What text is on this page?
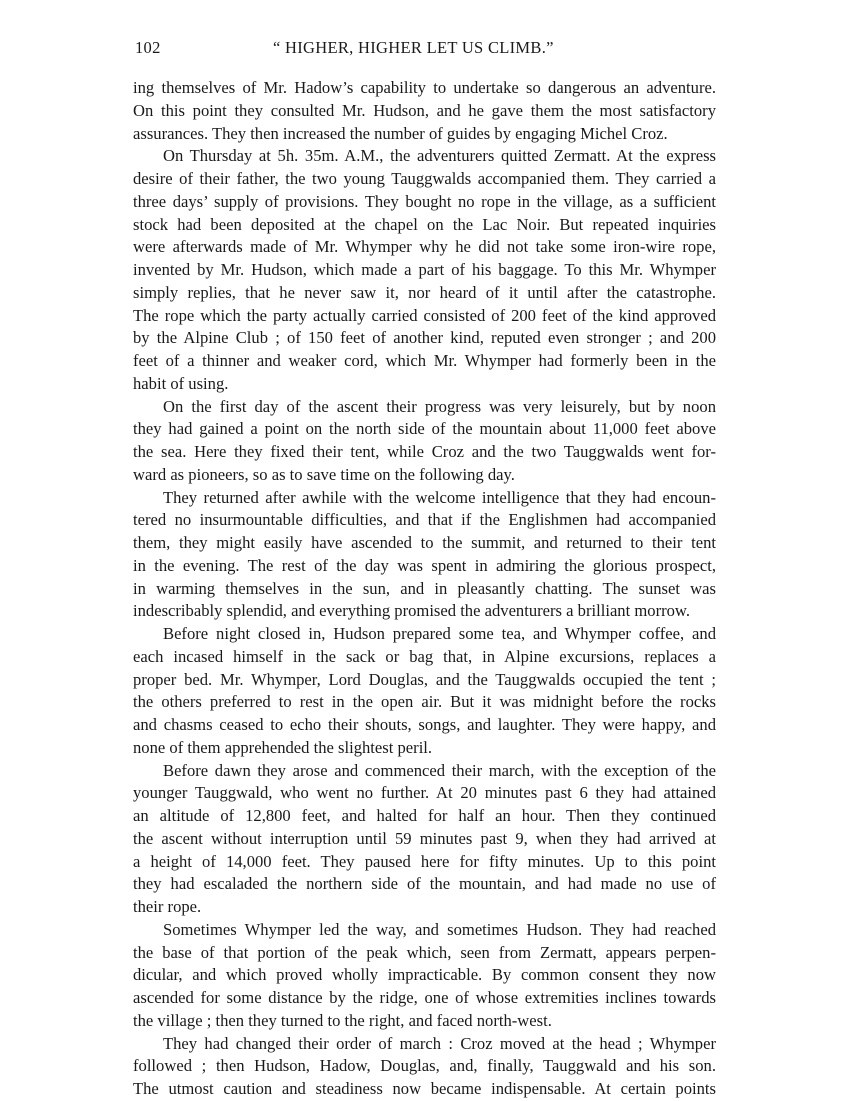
102	“ HIGHER, HIGHER LET US CLIMB.”
ing themselves of Mr. Hadow’s capability to undertake so dangerous an adventure.
On this point they consulted Mr. Hudson, and he gave them the most satisfactory
assurances. They then increased the number of guides by engaging Michel Croz.
On Thursday at 5h. 35m. A.M., the adventurers quitted Zermatt. At the express
desire of their father, the two young Tauggwalds accompanied them. They carried a
three days’ supply of provisions. They bought no rope in the village, as a sufficient
stock had been deposited at the chapel on the Lac Noir. But repeated inquiries
were afterwards made of Mr. Whymper why he did not take some iron-wire rope,
invented by Mr. Hudson, which made a part of his baggage. To this Mr. Whymper
simply replies, that he never saw it, nor heard of it until after the catastrophe.
The rope which the party actually carried consisted of 200 feet of the kind approved
by the Alpine Club ; of 150 feet of another kind, reputed even stronger ; and 200
feet of a thinner and weaker cord, which Mr. Whymper had formerly been in the
habit of using.
On the first day of the ascent their progress was very leisurely, but by noon
they had gained a point on the north side of the mountain about 11,000 feet above
the sea. Here they fixed their tent, while Croz and the two Tauggwalds went for-
ward as pioneers, so as to save time on the following day.
They returned after awhile with the welcome intelligence that they had encoun-
tered no insurmountable difficulties, and that if the Englishmen had accompanied
them, they might easily have ascended to the summit, and returned to their tent
in the evening. The rest of the day was spent in admiring the glorious prospect,
in warming themselves in the sun, and in pleasantly chatting. The sunset was
indescribably splendid, and everything promised the adventurers a brilliant morrow.
Before night closed in, Hudson prepared some tea, and Whymper coffee, and
each incased himself in the sack or bag that, in Alpine excursions, replaces a
proper bed. Mr. Whymper, Lord Douglas, and the Tauggwalds occupied the tent ;
the others preferred to rest in the open air. But it was midnight before the rocks
and chasms ceased to echo their shouts, songs, and laughter. They were happy, and
none of them apprehended the slightest peril.
Before dawn they arose and commenced their march, with the exception of the
younger Tauggwald, who went no further. At 20 minutes past 6 they had attained
an altitude of 12,800 feet, and halted for half an hour. Then they continued
the ascent without interruption until 59 minutes past 9, when they had arrived at
a height of 14,000 feet. They paused here for fifty minutes. Up to this point
they had escaladed the northern side of the mountain, and had made no use of
their rope.
Sometimes Whymper led the way, and sometimes Hudson. They had reached
the base of that portion of the peak which, seen from Zermatt, appears perpen-
dicular, and which proved wholly impracticable. By common consent they now
ascended for some distance by the ridge, one of whose extremities inclines towards
the village ; then they turned to the right, and faced north-west.
They had changed their order of march : Croz moved at the head ; Whymper
followed ; then Hudson, Hadow, Douglas, and, finally, Tauggwald and his son.
The utmost caution and steadiness now became indispensable. At certain points
